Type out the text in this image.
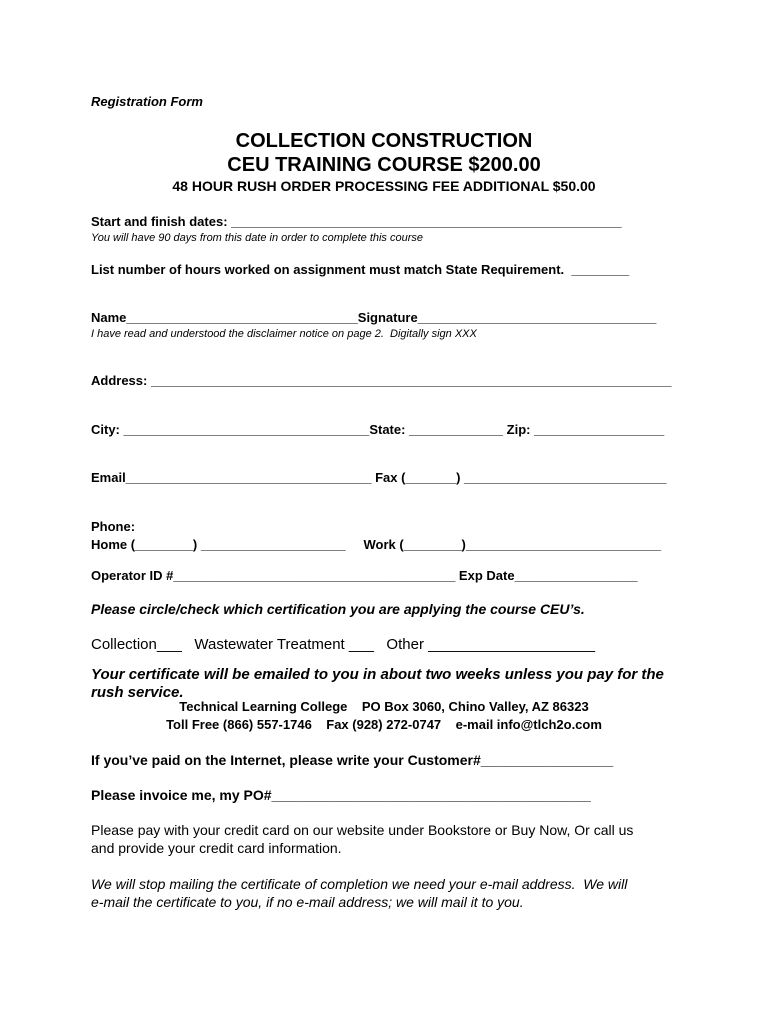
Registration Form
COLLECTION CONSTRUCTION
CEU TRAINING COURSE $200.00
48 HOUR RUSH ORDER PROCESSING FEE ADDITIONAL $50.00
Start and finish dates: ______________________________________________________
You will have 90 days from this date in order to complete this course
List number of hours worked on assignment must match State Requirement.  ________
Name________________________________Signature_________________________________
I have read and understood the disclaimer notice on page 2.  Digitally sign XXX
Address: ________________________________________________________________________
City: __________________________________State: _____________ Zip: __________________
Email__________________________________ Fax (_______) ____________________________
Phone:
Home (________) ____________________     Work (________)___________________________
Operator ID #_______________________________________ Exp Date_________________
Please circle/check which certification you are applying the course CEU’s.
Collection___   Wastewater Treatment ___   Other ____________________
Your certificate will be emailed to you in about two weeks unless you pay for the
rush service.
Technical Learning College    PO Box 3060, Chino Valley, AZ 86323
Toll Free (866) 557-1746    Fax (928) 272-0747    e-mail info@tlch2o.com
If you’ve paid on the Internet, please write your Customer#_________________
Please invoice me, my PO#_________________________________________
Please pay with your credit card on our website under Bookstore or Buy Now, Or call us
and provide your credit card information.
We will stop mailing the certificate of completion we need your e-mail address.  We will
e-mail the certificate to you, if no e-mail address; we will mail it to you.
